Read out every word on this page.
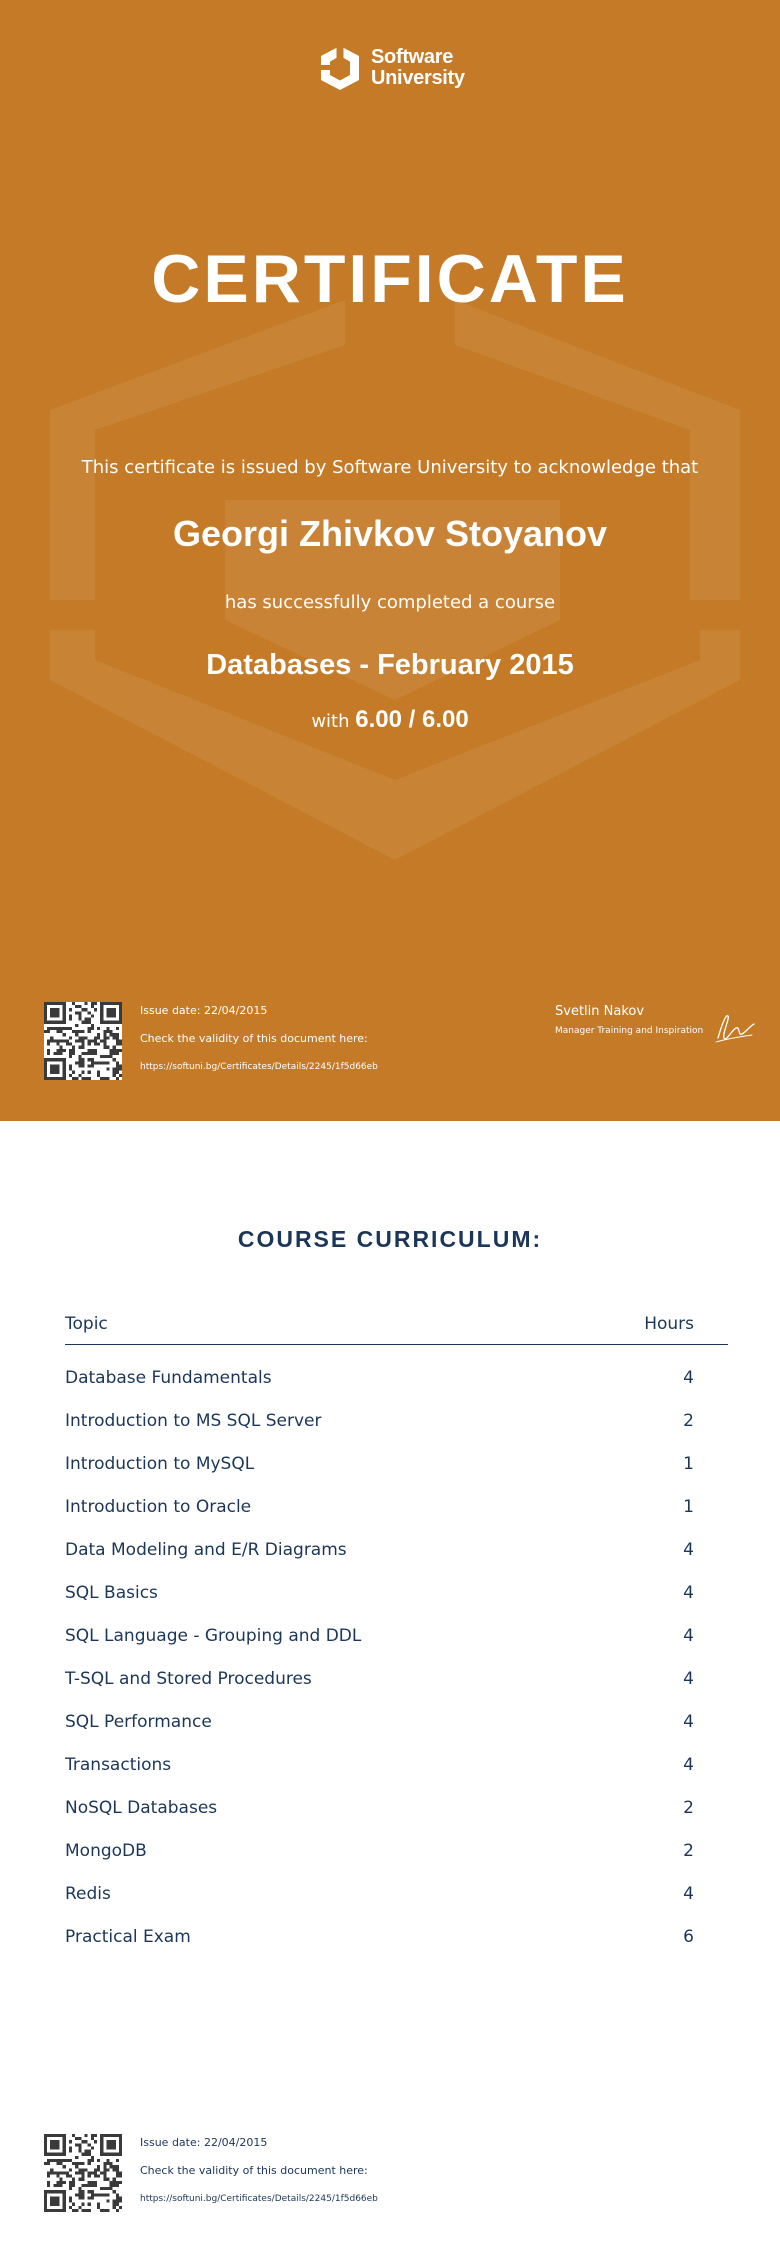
Software
University
CERTIFICATE
This certificate is issued by Software University to acknowledge that
Georgi Zhivkov Stoyanov
has successfully completed a course
Databases - February 2015
with 6.00 / 6.00
Issue date: 22/04/2015
Check the validity of this document here:
https://softuni.bg/Certificates/Details/2245/1f5d66eb
Svetlin Nakov
Manager Training and Inspiration
COURSE CURRICULUM:
Topic	Hours
Database Fundamentals	4
Introduction to MS SQL Server	2
Introduction to MySQL	1
Introduction to Oracle	1
Data Modeling and E/R Diagrams	4
SQL Basics	4
SQL Language - Grouping and DDL	4
T-SQL and Stored Procedures	4
SQL Performance	4
Transactions	4
NoSQL Databases	2
MongoDB	2
Redis	4
Practical Exam	6
Issue date: 22/04/2015
Check the validity of this document here:
https://softuni.bg/Certificates/Details/2245/1f5d66eb
